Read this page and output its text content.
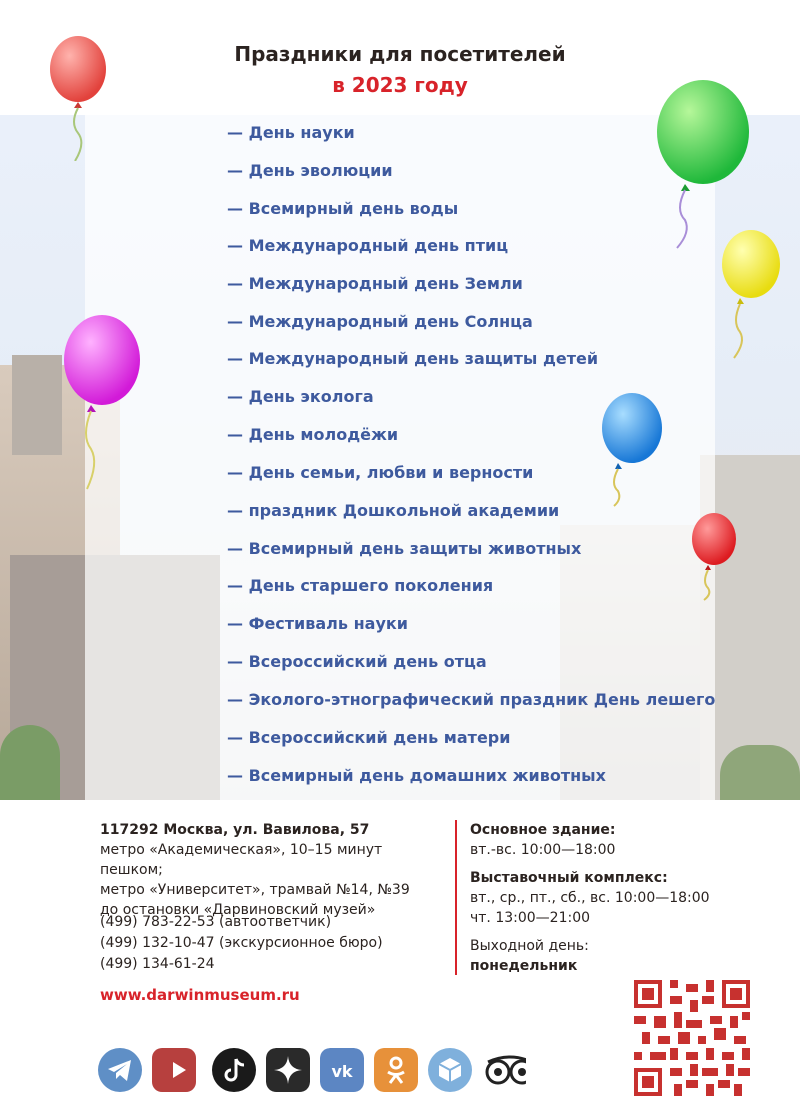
Праздники для посетителей
в 2023 году
— День науки
— День эволюции
— Всемирный день воды
— Международный день птиц
— Международный день Земли
— Международный день Солнца
— Международный день защиты детей
— День эколога
— День молодёжи
— День семьи, любви и верности
— праздник Дошкольной академии
— Всемирный день защиты животных
— День старшего поколения
— Фестиваль науки
— Всероссийский день отца
— Эколого-этнографический праздник День лешего
— Всероссийский день матери
— Всемирный день домашних животных
117292 Москва, ул. Вавилова, 57
метро «Академическая», 10–15 минут пешком;
метро «Университет», трамвай №14, №39
до остановки «Дарвиновский музей»
(499) 783-22-53 (автоответчик)
(499) 132-10-47 (экскурсионное бюро)
(499) 134-61-24
www.darwinmuseum.ru
Основное здание:
вт.-вс. 10:00—18:00
Выставочный комплекс:
вт., ср., пт., сб., вс. 10:00—18:00
чт. 13:00—21:00
Выходной день:
понедельник
vk
